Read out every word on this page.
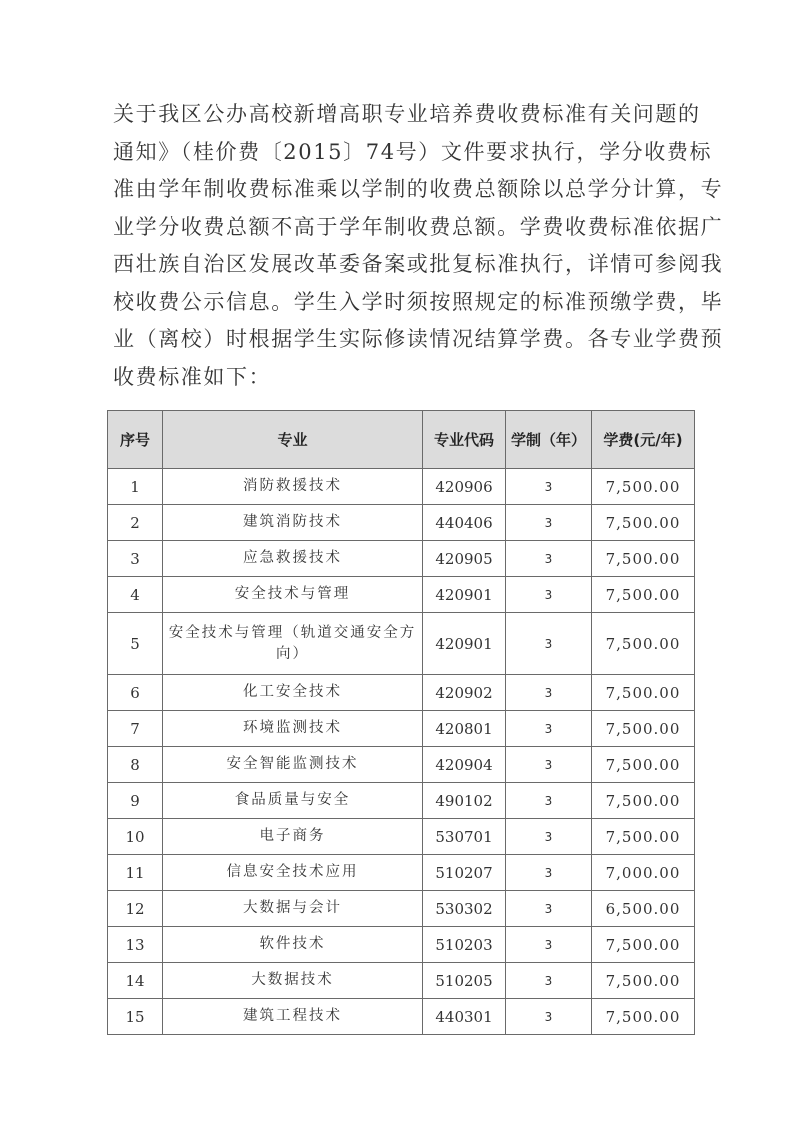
关于我区公办高校新增高职专业培养费收费标准有关问题的
通知》（桂价费〔2015〕74号）文件要求执行，学分收费标
准由学年制收费标准乘以学制的收费总额除以总学分计算，专
业学分收费总额不高于学年制收费总额。学费收费标准依据广
西壮族自治区发展改革委备案或批复标准执行，详情可参阅我
校收费公示信息。学生入学时须按照规定的标准预缴学费，毕
业（离校）时根据学生实际修读情况结算学费。各专业学费预
收费标准如下：
序号	专业	专业代码	学制（年）	学费(元/年)
1	消防救援技术	420906	3	7,500.00
2	建筑消防技术	440406	3	7,500.00
3	应急救援技术	420905	3	7,500.00
4	安全技术与管理	420901	3	7,500.00
5	安全技术与管理（轨道交通安全方向）	420901	3	7,500.00
6	化工安全技术	420902	3	7,500.00
7	环境监测技术	420801	3	7,500.00
8	安全智能监测技术	420904	3	7,500.00
9	食品质量与安全	490102	3	7,500.00
10	电子商务	530701	3	7,500.00
11	信息安全技术应用	510207	3	7,000.00
12	大数据与会计	530302	3	6,500.00
13	软件技术	510203	3	7,500.00
14	大数据技术	510205	3	7,500.00
15	建筑工程技术	440301	3	7,500.00
